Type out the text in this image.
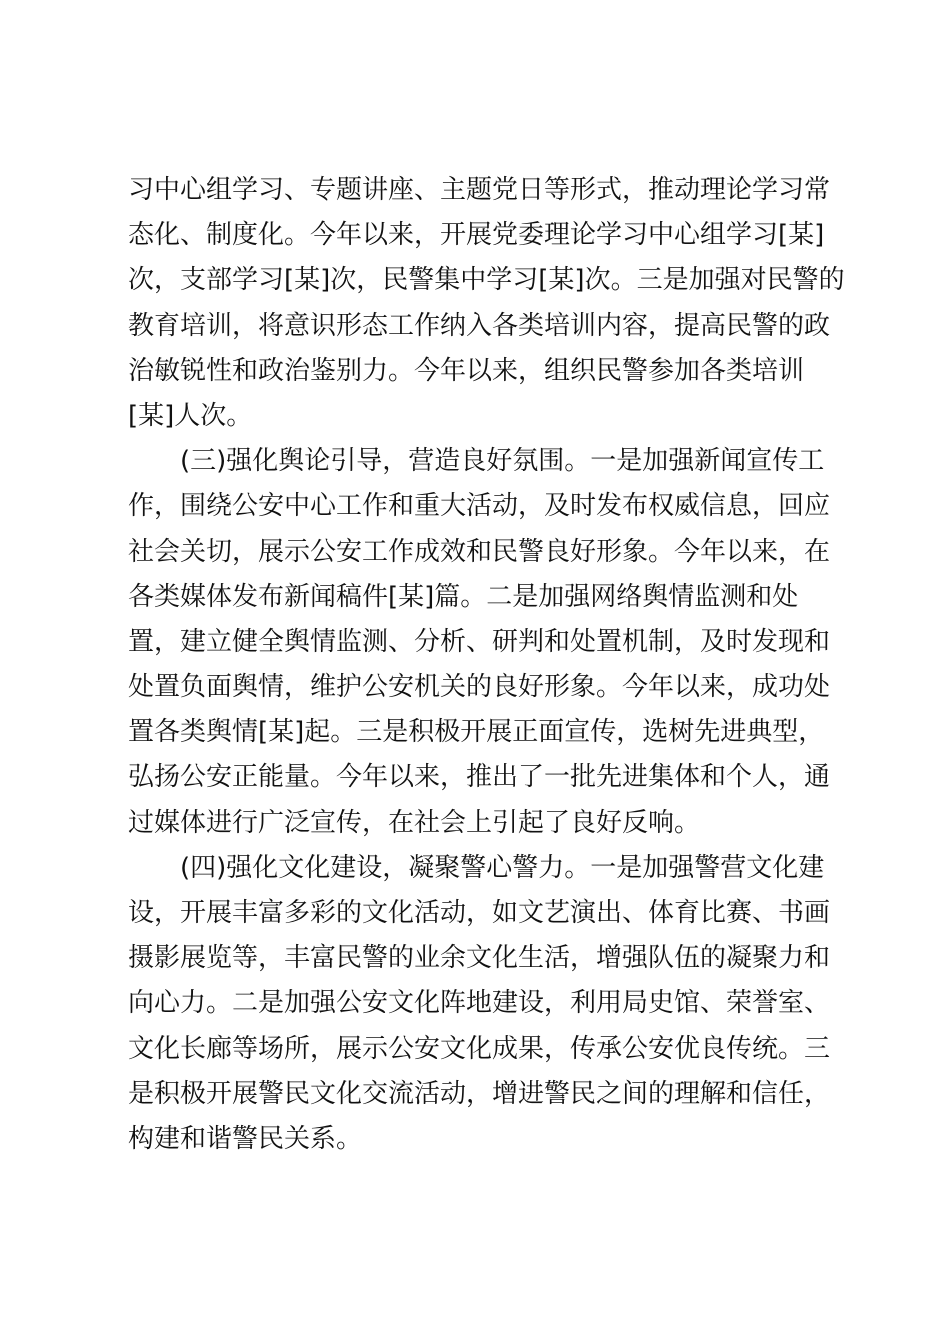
习中心组学习、专题讲座、主题党日等形式，推动理论学习常
态化、制度化。今年以来，开展党委理论学习中心组学习[某]
次，支部学习[某]次，民警集中学习[某]次。三是加强对民警的
教育培训，将意识形态工作纳入各类培训内容，提高民警的政
治敏锐性和政治鉴别力。今年以来，组织民警参加各类培训
[某]人次。
(三)强化舆论引导，营造良好氛围。一是加强新闻宣传工
作，围绕公安中心工作和重大活动，及时发布权威信息，回应
社会关切，展示公安工作成效和民警良好形象。今年以来，在
各类媒体发布新闻稿件[某]篇。二是加强网络舆情监测和处
置，建立健全舆情监测、分析、研判和处置机制，及时发现和
处置负面舆情，维护公安机关的良好形象。今年以来，成功处
置各类舆情[某]起。三是积极开展正面宣传，选树先进典型，
弘扬公安正能量。今年以来，推出了一批先进集体和个人，通
过媒体进行广泛宣传，在社会上引起了良好反响。
(四)强化文化建设，凝聚警心警力。一是加强警营文化建
设，开展丰富多彩的文化活动，如文艺演出、体育比赛、书画
摄影展览等，丰富民警的业余文化生活，增强队伍的凝聚力和
向心力。二是加强公安文化阵地建设，利用局史馆、荣誉室、
文化长廊等场所，展示公安文化成果，传承公安优良传统。三
是积极开展警民文化交流活动，增进警民之间的理解和信任，
构建和谐警民关系。
